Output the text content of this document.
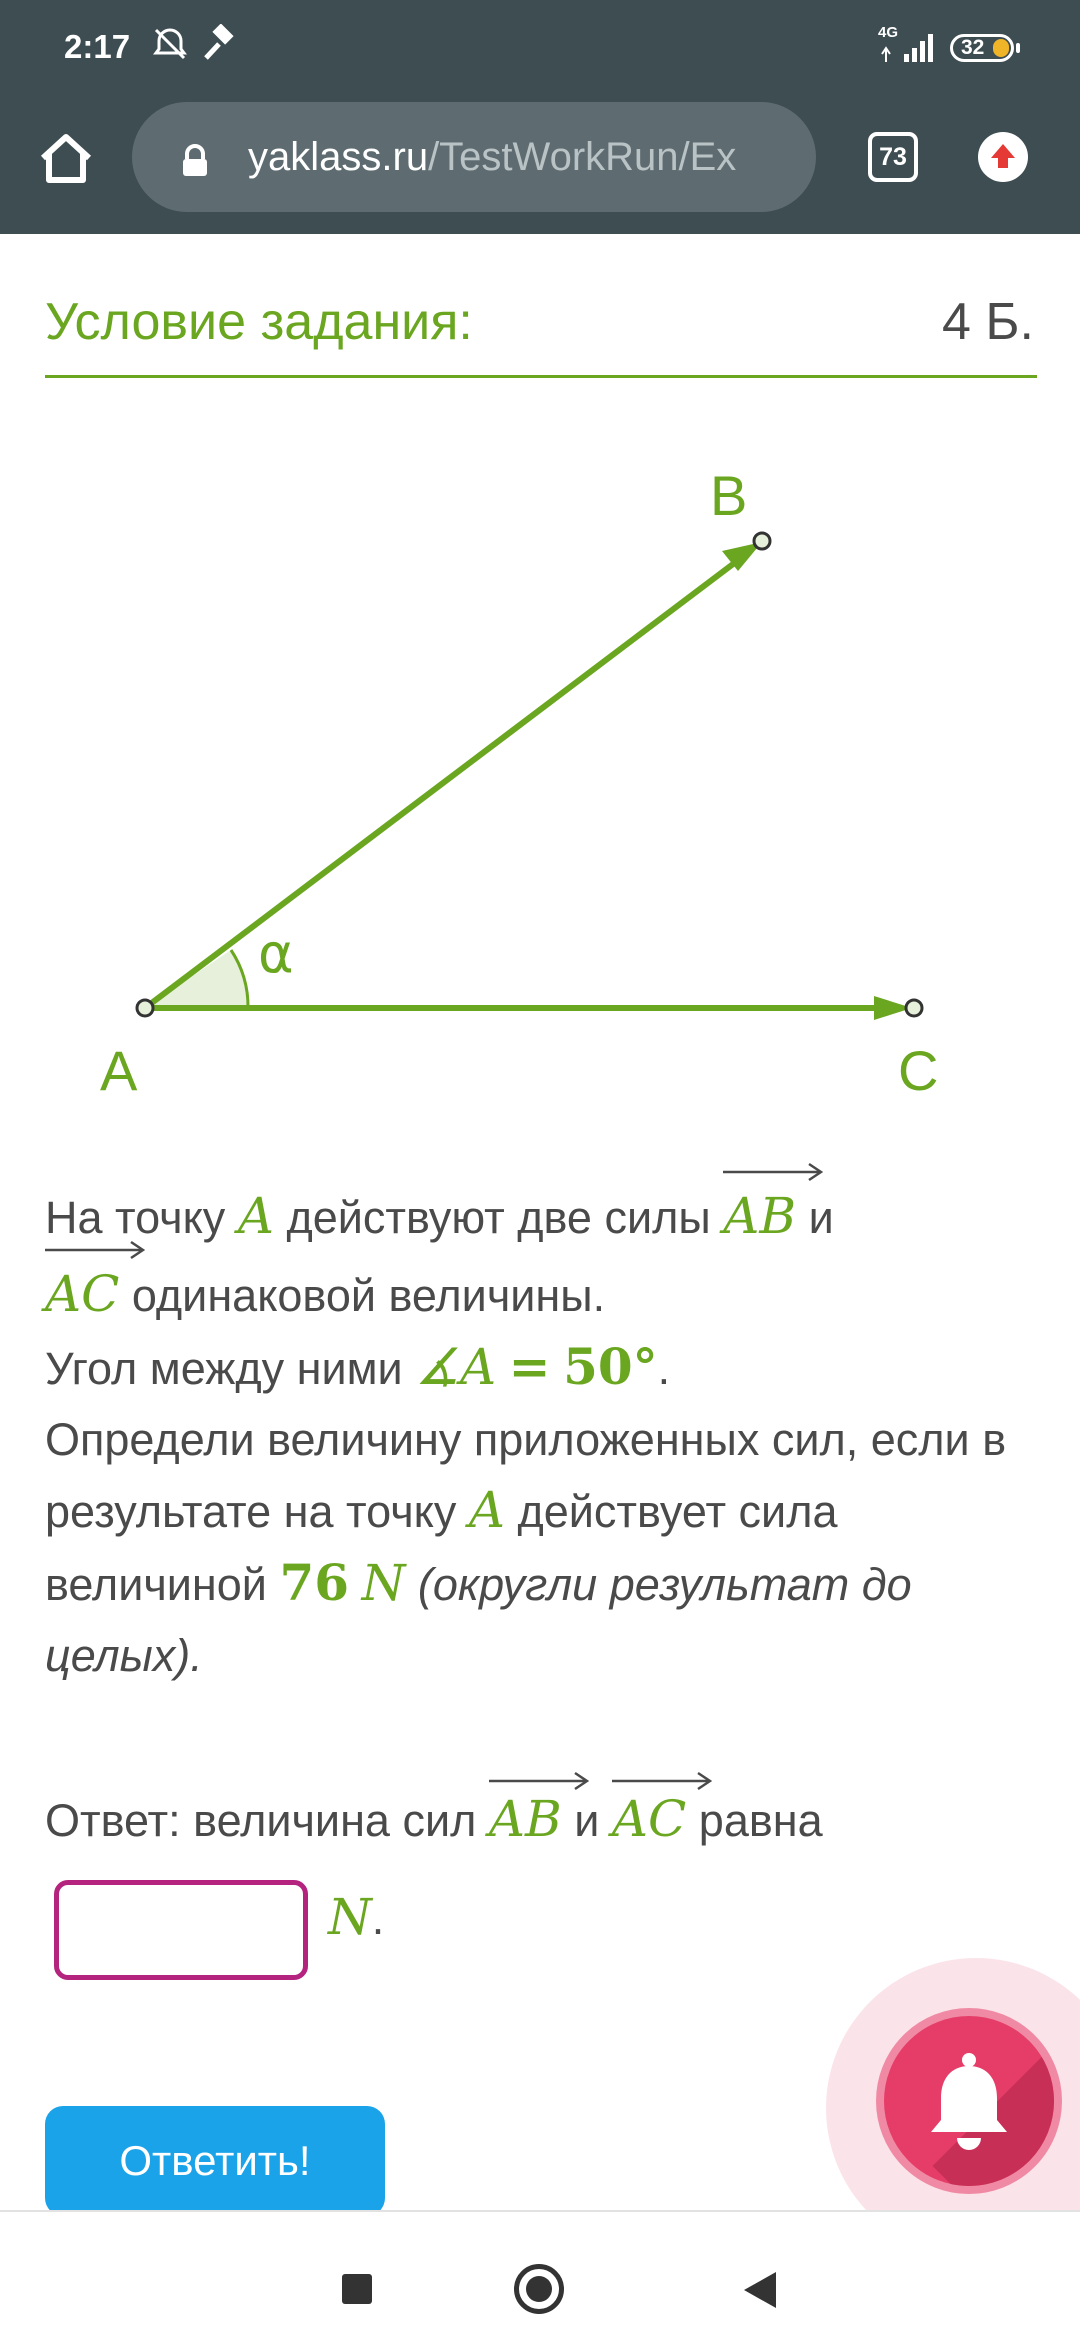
2:17	4G
32
yaklass.ru/TestWorkRun/Ex	73
Условие задания:	4 Б.
A
B
C
α
На точку A действуют две силы AB и

AC одинаковой величины.
Угол между ними ∡A = 50°.
Определи величину приложенных сил, если в результате на точку A действует сила величиной 76 N (округли результат до целых).
Ответ: величина сил AB и AC равна
N.
Ответить!
